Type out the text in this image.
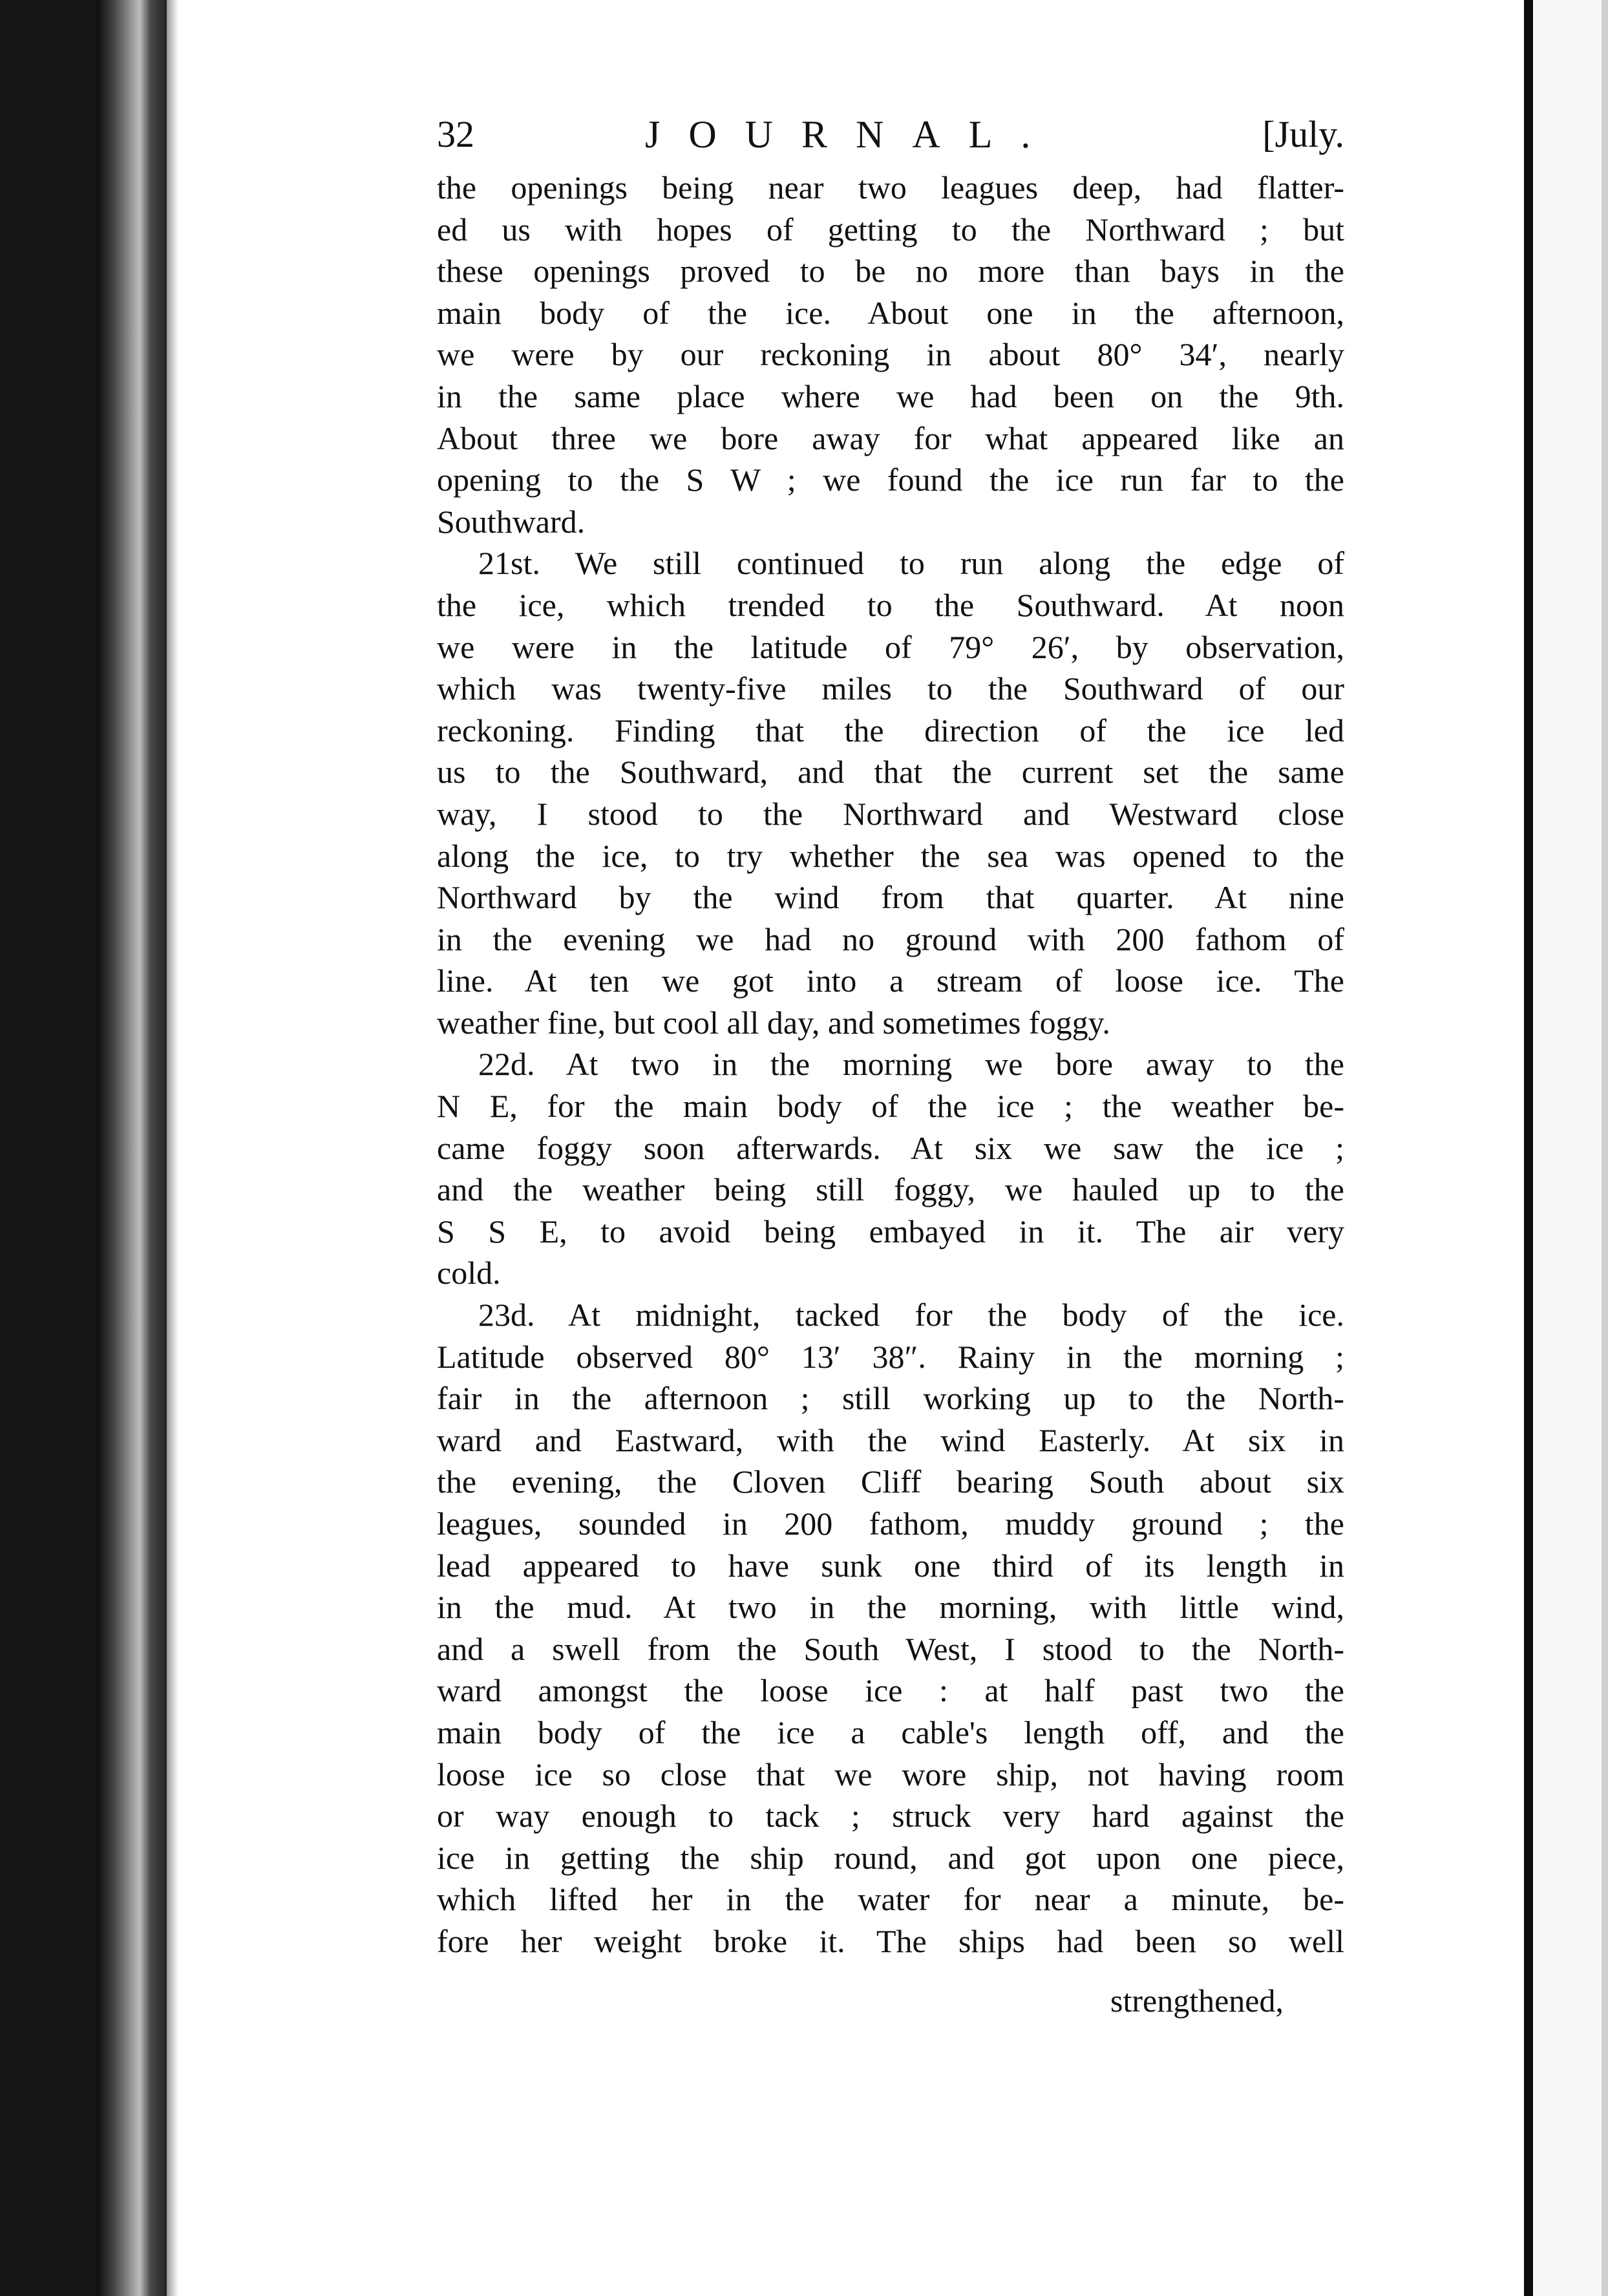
32	JOURNAL.	[July.
the openings being near two leagues deep, had flatter-
ed us with hopes of getting to the Northward ; but
these openings proved to be no more than bays in the
main body of the ice. About one in the afternoon,
we were by our reckoning in about 80° 34′, nearly
in the same place where we had been on the 9th.
About three we bore away for what appeared like an
opening to the S W ; we found the ice run far to the
Southward.
21st. We still continued to run along the edge of
the ice, which trended to the Southward. At noon
we were in the latitude of 79° 26′, by observation,
which was twenty-five miles to the Southward of our
reckoning. Finding that the direction of the ice led
us to the Southward, and that the current set the same
way, I stood to the Northward and Westward close
along the ice, to try whether the sea was opened to the
Northward by the wind from that quarter. At nine
in the evening we had no ground with 200 fathom of
line. At ten we got into a stream of loose ice. The
weather fine, but cool all day, and sometimes foggy.
22d. At two in the morning we bore away to the
N E, for the main body of the ice ; the weather be-
came foggy soon afterwards. At six we saw the ice ;
and the weather being still foggy, we hauled up to the
S S E, to avoid being embayed in it. The air very
cold.
23d. At midnight, tacked for the body of the ice.
Latitude observed 80° 13′ 38″. Rainy in the morning ;
fair in the afternoon ; still working up to the North-
ward and Eastward, with the wind Easterly. At six in
the evening, the Cloven Cliff bearing South about six
leagues, sounded in 200 fathom, muddy ground ; the
lead appeared to have sunk one third of its length in
in the mud. At two in the morning, with little wind,
and a swell from the South West, I stood to the North-
ward amongst the loose ice : at half past two the
main body of the ice a cable's length off, and the
loose ice so close that we wore ship, not having room
or way enough to tack ; struck very hard against the
ice in getting the ship round, and got upon one piece,
which lifted her in the water for near a minute, be-
fore her weight broke it. The ships had been so well
strengthened,
